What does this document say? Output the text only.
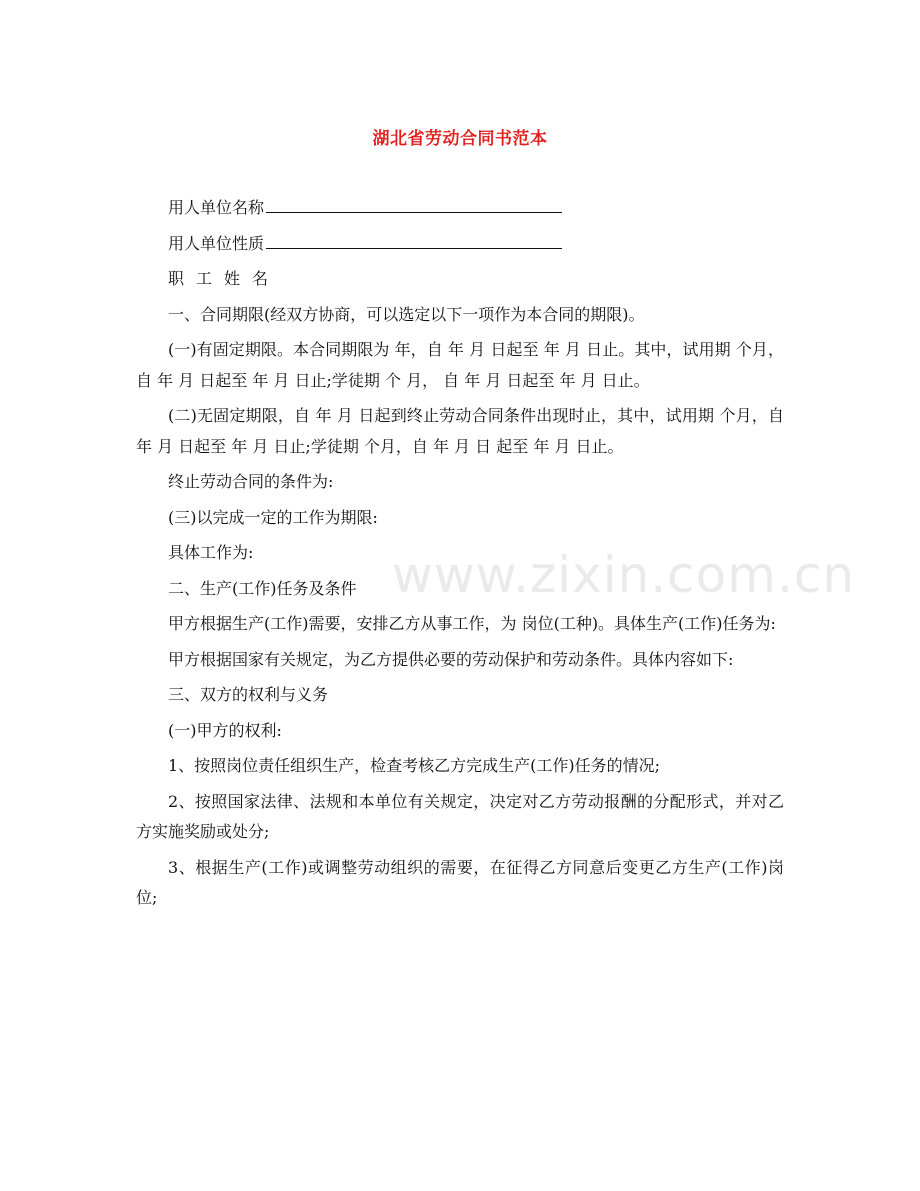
湖北省劳动合同书范本

用人单位名称

用人单位性质

职工姓名

一、合同期限(经双方协商，可以选定以下一项作为本合同的期限)。

(一)有固定期限。本合同期限为 年，自 年 月 日起至 年 月 日止。其中，试用期 个月，自 年 月 日起至 年 月 日止;学徒期 个 月， 自 年 月 日起至 年 月 日止。

(二)无固定期限，自 年 月 日起到终止劳动合同条件出现时止，其中，试用期 个月，自 年 月 日起至 年 月 日止;学徒期 个月，自 年 月 日 起至 年 月 日止。

终止劳动合同的条件为:

(三)以完成一定的工作为期限:

具体工作为:

二、生产(工作)任务及条件

甲方根据生产(工作)需要，安排乙方从事工作，为 岗位(工种)。具体生产(工作)任务为:

甲方根据国家有关规定，为乙方提供必要的劳动保护和劳动条件。具体内容如下:

三、双方的权利与义务

(一)甲方的权利:

1、按照岗位责任组织生产，检查考核乙方完成生产(工作)任务的情况;

2、按照国家法律、法规和本单位有关规定，决定对乙方劳动报酬的分配形式，并对乙方实施奖励或处分;

3、根据生产(工作)或调整劳动组织的需要，在征得乙方同意后变更乙方生产(工作)岗位;

www.zixin.com.cn
